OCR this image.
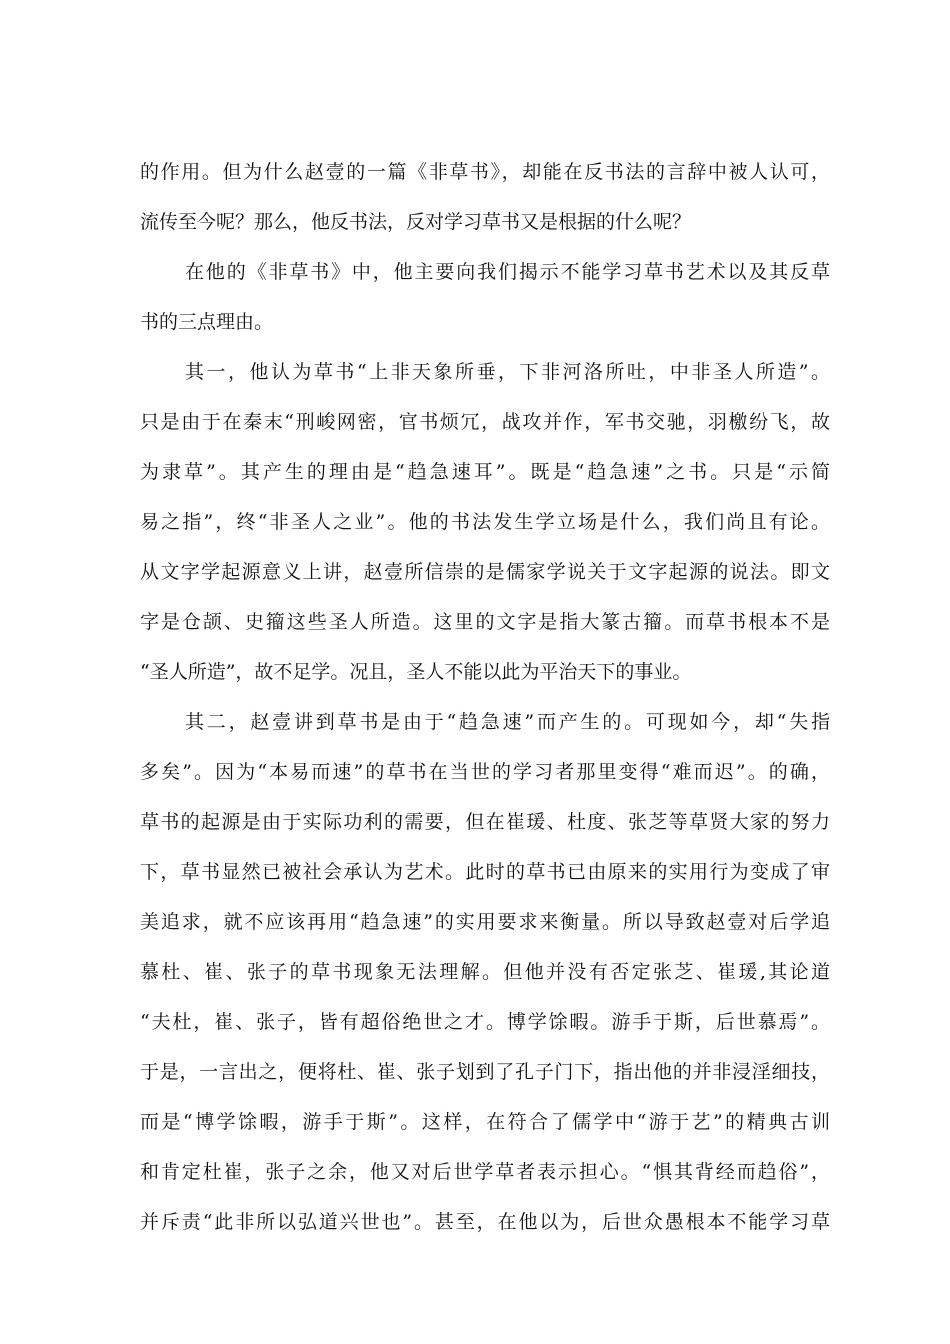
的作用。但为什么赵壹的一篇《非草书》，却能在反书法的言辞中被人认可，
流传至今呢？那么，他反书法，反对学习草书又是根据的什么呢？
在他的《非草书》中，他主要向我们揭示不能学习草书艺术以及其反草
书的三点理由。
其一，他认为草书“上非天象所垂，下非河洛所吐，中非圣人所造”。
只是由于在秦末“刑峻网密，官书烦冗，战攻并作，军书交驰，羽檄纷飞，故
为隶草”。其产生的理由是“趋急速耳”。既是“趋急速”之书。只是“示简
易之指”，终“非圣人之业”。他的书法发生学立场是什么，我们尚且有论。
从文字学起源意义上讲，赵壹所信崇的是儒家学说关于文字起源的说法。即文
字是仓颉、史籀这些圣人所造。这里的文字是指大篆古籀。而草书根本不是
“圣人所造”，故不足学。况且，圣人不能以此为平治天下的事业。
其二，赵壹讲到草书是由于“趋急速”而产生的。可现如今，却“失指
多矣”。因为“本易而速”的草书在当世的学习者那里变得“难而迟”。的确，
草书的起源是由于实际功利的需要，但在崔瑗、杜度、张芝等草贤大家的努力
下，草书显然已被社会承认为艺术。此时的草书已由原来的实用行为变成了审
美追求，就不应该再用“趋急速”的实用要求来衡量。所以导致赵壹对后学追
慕杜、崔、张子的草书现象无法理解。但他并没有否定张芝、崔瑗,其论道
“夫杜，崔、张子，皆有超俗绝世之才。博学馀暇。游手于斯，后世慕焉”。
于是，一言出之，便将杜、崔、张子划到了孔子门下，指出他的并非浸淫细技，
而是“博学馀暇，游手于斯”。这样，在符合了儒学中“游于艺”的精典古训
和肯定杜崔，张子之余，他又对后世学草者表示担心。“惧其背经而趋俗”，
并斥责“此非所以弘道兴世也”。甚至，在他以为，后世众愚根本不能学习草
